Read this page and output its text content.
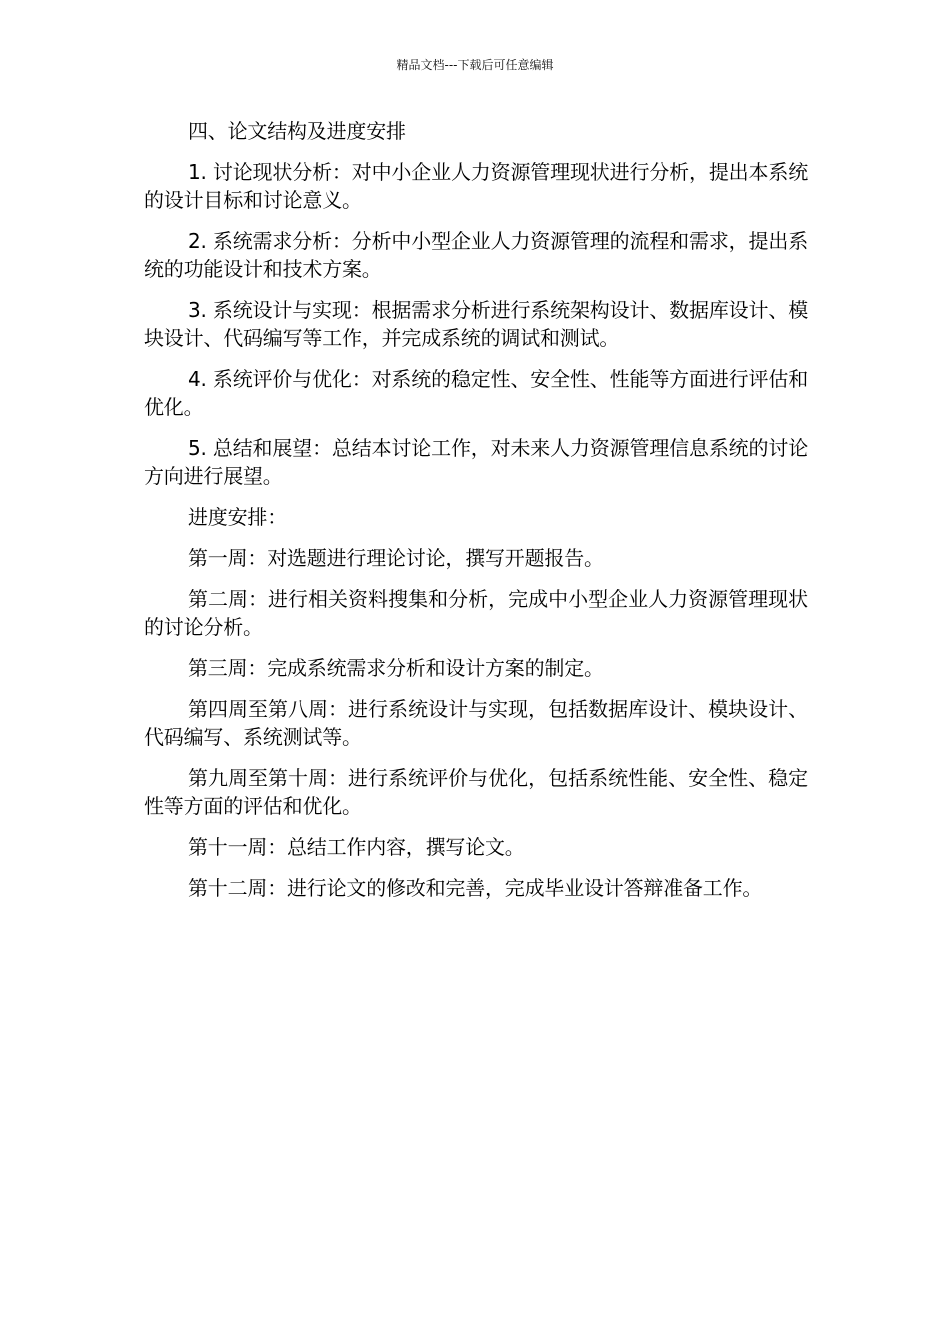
精品文档---下载后可任意编辑

四、论文结构及进度安排

1. 讨论现状分析：对中小企业人力资源管理现状进行分析，提出本系统的设计目标和讨论意义。

2. 系统需求分析：分析中小型企业人力资源管理的流程和需求，提出系统的功能设计和技术方案。

3. 系统设计与实现：根据需求分析进行系统架构设计、数据库设计、模块设计、代码编写等工作，并完成系统的调试和测试。

4. 系统评价与优化：对系统的稳定性、安全性、性能等方面进行评估和优化。

5. 总结和展望：总结本讨论工作，对未来人力资源管理信息系统的讨论方向进行展望。

进度安排：

第一周：对选题进行理论讨论，撰写开题报告。

第二周：进行相关资料搜集和分析，完成中小型企业人力资源管理现状的讨论分析。

第三周：完成系统需求分析和设计方案的制定。

第四周至第八周：进行系统设计与实现，包括数据库设计、模块设计、代码编写、系统测试等。

第九周至第十周：进行系统评价与优化，包括系统性能、安全性、稳定性等方面的评估和优化。

第十一周：总结工作内容，撰写论文。

第十二周：进行论文的修改和完善，完成毕业设计答辩准备工作。
